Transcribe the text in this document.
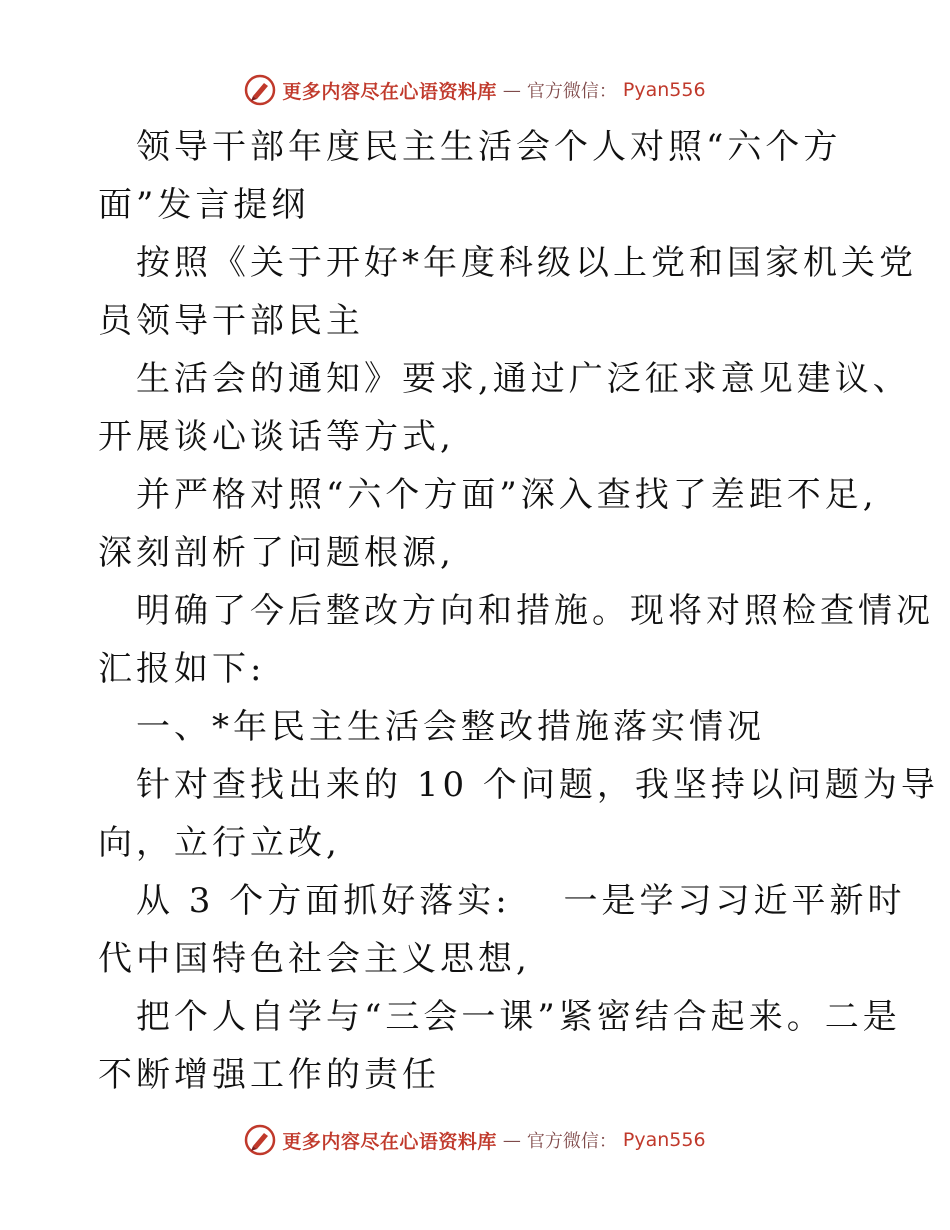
更多内容尽在心语资料库 — 官方微信： Pyan556
领导干部年度民主生活会个人对照“六个方
面”发言提纲
按照《关于开好*年度科级以上党和国家机关党
员领导干部民主
生活会的通知》要求,通过广泛征求意见建议、
开展谈心谈话等方式,
并严格对照“六个方面”深入查找了差距不足,
深刻剖析了问题根源,
明确了今后整改方向和措施。现将对照检查情况
汇报如下:
一、*年民主生活会整改措施落实情况
针对查找出来的 10 个问题，我坚持以问题为导
向，立行立改,
从 3 个方面抓好落实:　 一是学习习近平新时
代中国特色社会主义思想,
把个人自学与“三会一课”紧密结合起来。二是
不断增强工作的责任
更多内容尽在心语资料库 — 官方微信： Pyan556
